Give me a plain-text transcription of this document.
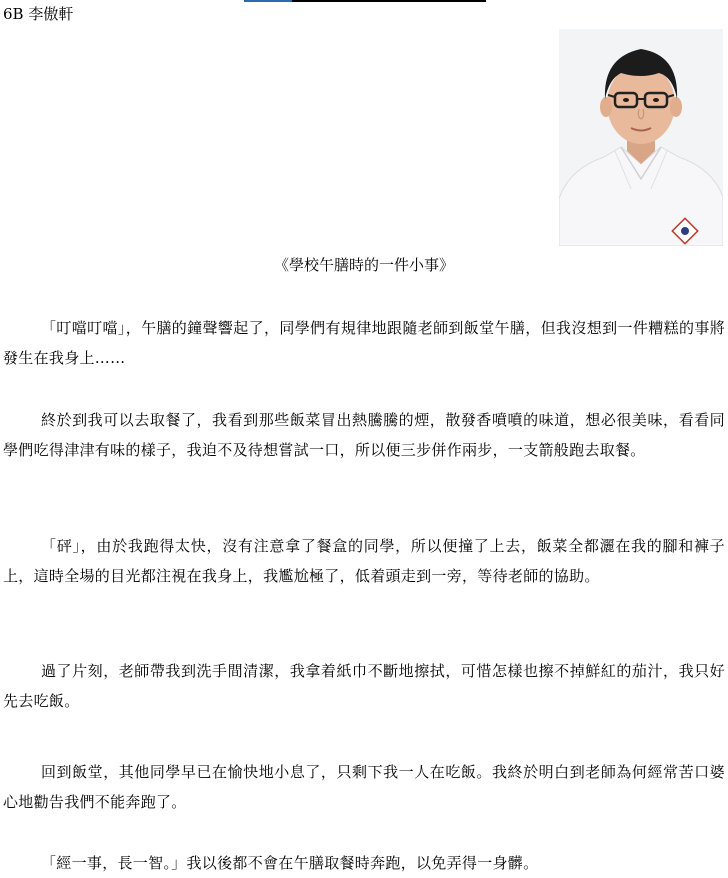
6B 李傲軒
《學校午膳時的一件小事》

「叮噹叮噹」，午膳的鐘聲響起了，同學們有規律地跟隨老師到飯堂午膳，但我沒想到一件糟糕的事將發生在我身上……

終於到我可以去取餐了，我看到那些飯菜冒出熱騰騰的煙，散發香噴噴的味道，想必很美味，看看同學們吃得津津有味的樣子，我迫不及待想嘗試一口，所以便三步併作兩步，一支箭般跑去取餐。

「砰」，由於我跑得太快，沒有注意拿了餐盒的同學，所以便撞了上去，飯菜全都灑在我的腳和褲子上，這時全場的目光都注視在我身上，我尷尬極了，低着頭走到一旁，等待老師的協助。

過了片刻，老師帶我到洗手間清潔，我拿着紙巾不斷地擦拭，可惜怎樣也擦不掉鮮紅的茄汁，我只好先去吃飯。

回到飯堂，其他同學早已在愉快地小息了，只剩下我一人在吃飯。我終於明白到老師為何經常苦口婆心地勸告我們不能奔跑了。

「經一事，長一智。」我以後都不會在午膳取餐時奔跑，以免弄得一身髒。
